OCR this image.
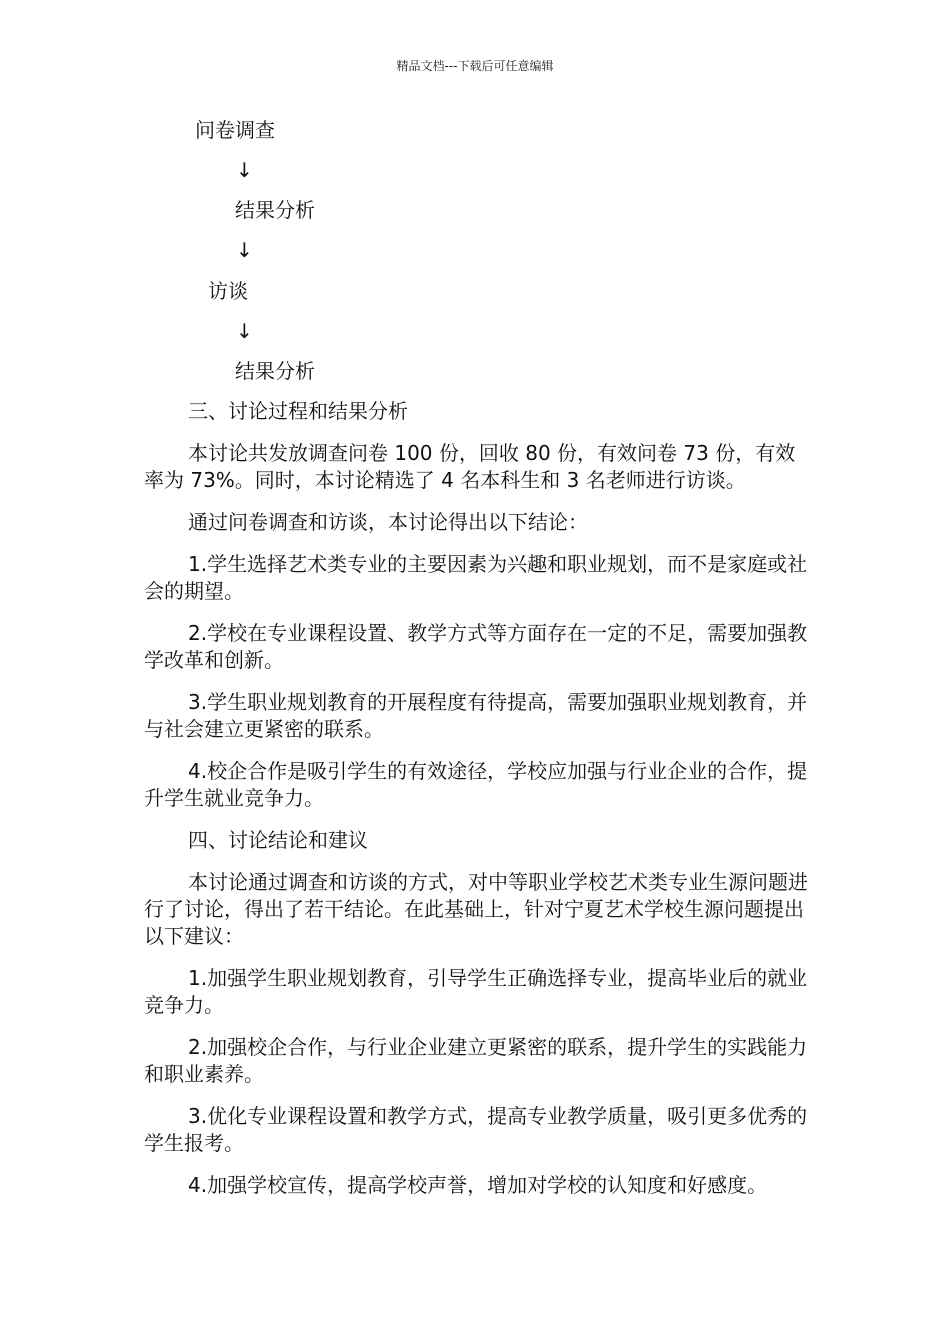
精品文档---下载后可任意编辑
问卷调查
↓
结果分析
↓
访谈
↓
结果分析

三、讨论过程和结果分析

本讨论共发放调查问卷 100 份，回收 80 份，有效问卷 73 份，有效率为 73%。同时，本讨论精选了 4 名本科生和 3 名老师进行访谈。

通过问卷调查和访谈，本讨论得出以下结论：

1.学生选择艺术类专业的主要因素为兴趣和职业规划，而不是家庭或社会的期望。

2.学校在专业课程设置、教学方式等方面存在一定的不足，需要加强教学改革和创新。

3.学生职业规划教育的开展程度有待提高，需要加强职业规划教育，并与社会建立更紧密的联系。

4.校企合作是吸引学生的有效途径，学校应加强与行业企业的合作，提升学生就业竞争力。

四、讨论结论和建议

本讨论通过调查和访谈的方式，对中等职业学校艺术类专业生源问题进行了讨论，得出了若干结论。在此基础上，针对宁夏艺术学校生源问题提出以下建议：

1.加强学生职业规划教育，引导学生正确选择专业，提高毕业后的就业竞争力。

2.加强校企合作，与行业企业建立更紧密的联系，提升学生的实践能力和职业素养。

3.优化专业课程设置和教学方式，提高专业教学质量，吸引更多优秀的学生报考。

4.加强学校宣传，提高学校声誉，增加对学校的认知度和好感度。
